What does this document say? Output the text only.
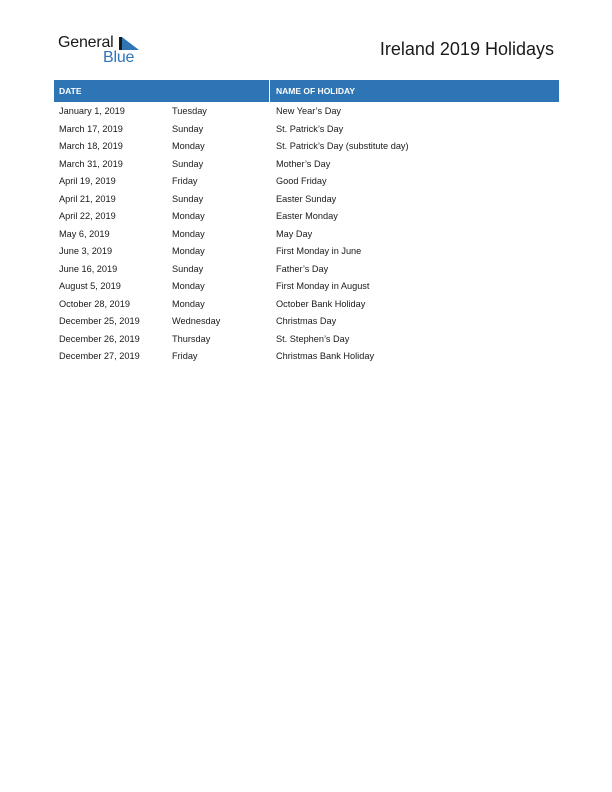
General
Blue	Ireland 2019 Holidays
DATE	NAME OF HOLIDAY
January 1, 2019	Tuesday	New Year’s Day
March 17, 2019	Sunday	St. Patrick’s Day
March 18, 2019	Monday	St. Patrick’s Day (substitute day)
March 31, 2019	Sunday	Mother’s Day
April 19, 2019	Friday	Good Friday
April 21, 2019	Sunday	Easter Sunday
April 22, 2019	Monday	Easter Monday
May 6, 2019	Monday	May Day
June 3, 2019	Monday	First Monday in June
June 16, 2019	Sunday	Father’s Day
August 5, 2019	Monday	First Monday in August
October 28, 2019	Monday	October Bank Holiday
December 25, 2019	Wednesday	Christmas Day
December 26, 2019	Thursday	St. Stephen’s Day
December 27, 2019	Friday	Christmas Bank Holiday
